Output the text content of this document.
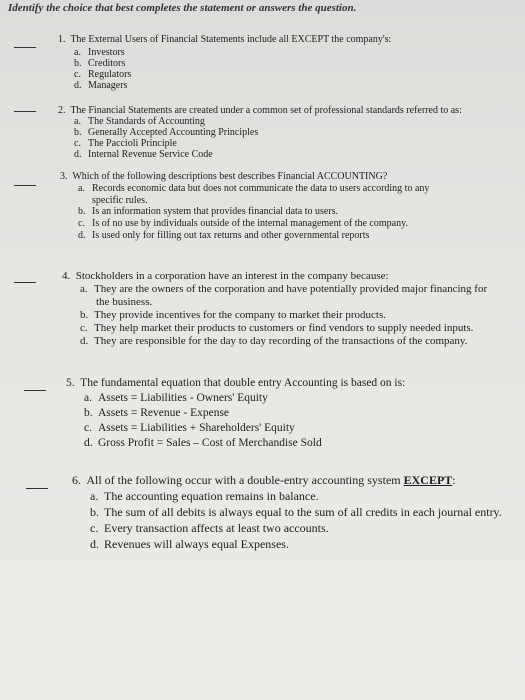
Identify the choice that best completes the statement or answers the question.
1. The External Users of Financial Statements include all EXCEPT the company's:
a. Investors
b. Creditors
c. Regulators
d. Managers
2. The Financial Statements are created under a common set of professional standards referred to as:
a. The Standards of Accounting
b. Generally Accepted Accounting Principles
c. The Paccioli Principle
d. Internal Revenue Service Code
3. Which of the following descriptions best describes Financial ACCOUNTING?
a. Records economic data but does not communicate the data to users according to any
specific rules.
b. Is an information system that provides financial data to users.
c. Is of no use by individuals outside of the internal management of the company.
d. Is used only for filling out tax returns and other governmental reports
4. Stockholders in a corporation have an interest in the company because:
a. They are the owners of the corporation and have potentially provided major financing for
the business.
b. They provide incentives for the company to market their products.
c. They help market their products to customers or find vendors to supply needed inputs.
d. They are responsible for the day to day recording of the transactions of the company.
5. The fundamental equation that double entry Accounting is based on is:
a. Assets = Liabilities - Owners' Equity
b. Assets = Revenue - Expense
c. Assets = Liabilities + Shareholders' Equity
d. Gross Profit = Sales – Cost of Merchandise Sold
6. All of the following occur with a double-entry accounting system EXCEPT:
a. The accounting equation remains in balance.
b. The sum of all debits is always equal to the sum of all credits in each journal entry.
c. Every transaction affects at least two accounts.
d. Revenues will always equal Expenses.
